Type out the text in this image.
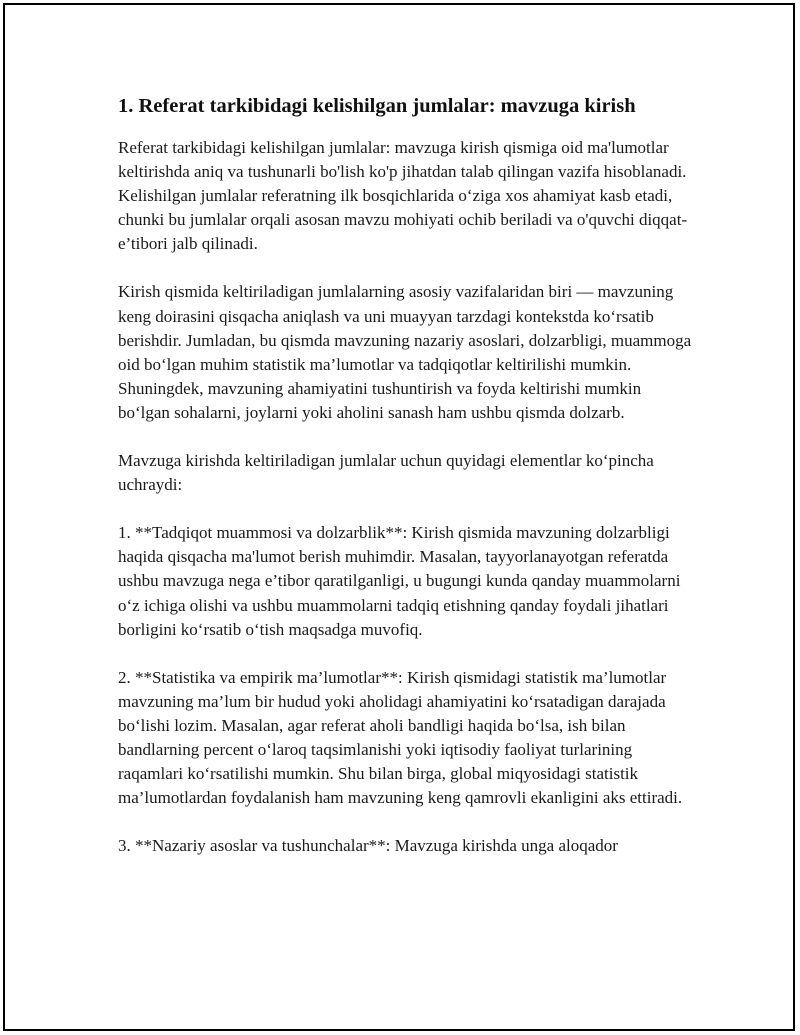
1. Referat tarkibidagi kelishilgan jumlalar: mavzuga kirish

Referat tarkibidagi kelishilgan jumlalar: mavzuga kirish qismiga oid ma'lumotlar keltirishda aniq va tushunarli bo'lish ko'p jihatdan talab qilingan vazifa hisoblanadi. Kelishilgan jumlalar referatning ilk bosqichlarida o‘ziga xos ahamiyat kasb etadi, chunki bu jumlalar orqali asosan mavzu mohiyati ochib beriladi va o'quvchi diqqat-e’tibori jalb qilinadi.

Kirish qismida keltiriladigan jumlalarning asosiy vazifalaridan biri — mavzuning keng doirasini qisqacha aniqlash va uni muayyan tarzdagi kontekstda ko‘rsatib berishdir. Jumladan, bu qismda mavzuning nazariy asoslari, dolzarbligi, muammoga oid bo‘lgan muhim statistik ma’lumotlar va tadqiqotlar keltirilishi mumkin. Shuningdek, mavzuning ahamiyatini tushuntirish va foyda keltirishi mumkin bo‘lgan sohalarni, joylarni yoki aholini sanash ham ushbu qismda dolzarb.

Mavzuga kirishda keltiriladigan jumlalar uchun quyidagi elementlar ko‘pincha uchraydi:

1. **Tadqiqot muammosi va dolzarblik**: Kirish qismida mavzuning dolzarbligi haqida qisqacha ma'lumot berish muhimdir. Masalan, tayyorlanayotgan referatda ushbu mavzuga nega e’tibor qaratilganligi, u bugungi kunda qanday muammolarni o‘z ichiga olishi va ushbu muammolarni tadqiq etishning qanday foydali jihatlari borligini ko‘rsatib o‘tish maqsadga muvofiq.

2. **Statistika va empirik ma’lumotlar**: Kirish qismidagi statistik ma’lumotlar mavzuning ma’lum bir hudud yoki aholidagi ahamiyatini ko‘rsatadigan darajada bo‘lishi lozim. Masalan, agar referat aholi bandligi haqida bo‘lsa, ish bilan bandlarning percent o‘laroq taqsimlanishi yoki iqtisodiy faoliyat turlarining raqamlari ko‘rsatilishi mumkin. Shu bilan birga, global miqyosidagi statistik ma’lumotlardan foydalanish ham mavzuning keng qamrovli ekanligini aks ettiradi.

3. **Nazariy asoslar va tushunchalar**: Mavzuga kirishda unga aloqador
